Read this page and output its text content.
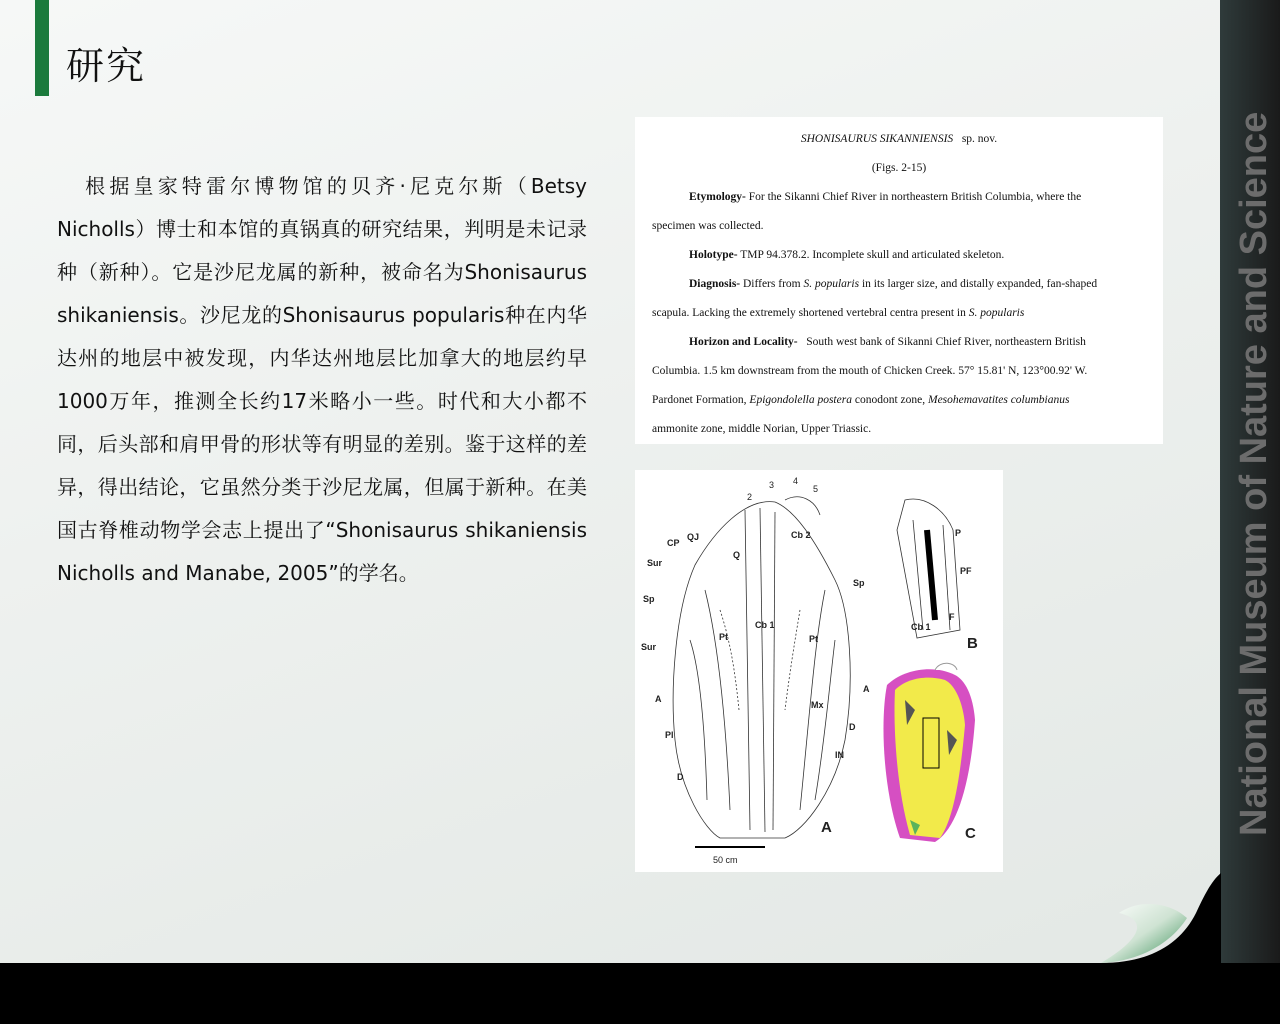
研究
根据皇家特雷尔博物馆的贝齐·尼克尔斯（Betsy Nicholls）博士和本馆的真锅真的研究结果，判明是未记录种（新种）。它是沙尼龙属的新种，被命名为Shonisaurus shikaniensis。沙尼龙的Shonisaurus popularis种在内华达州的地层中被发现，内华达州地层比加拿大的地层约早1000万年，推测全长约17米略小一些。时代和大小都不同，后头部和肩甲骨的形状等有明显的差别。鉴于这样的差异，得出结论，它虽然分类于沙尼龙属，但属于新种。在美国古脊椎动物学会志上提出了“Shonisaurus shikaniensis Nicholls and Manabe, 2005”的学名。
SHONISAURUS SIKANNIENSIS sp. nov.
(Figs. 2-15)
Etymology- For the Sikanni Chief River in northeastern British Columbia, where the
specimen was collected.
Holotype- TMP 94.378.2. Incomplete skull and articulated skeleton.
Diagnosis- Differs from S. popularis in its larger size, and distally expanded, fan-shaped
scapula. Lacking the extremely shortened vertebral centra present in S. popularis
Horizon and Locality- South west bank of Sikanni Chief River, northeastern British
Columbia. 1.5 km downstream from the mouth of Chicken Creek. 57° 15.81' N, 123°00.92' W.
Pardonet Formation, Epigondolella postera conodont zone, Mesohemavatites columbianus
ammonite zone, middle Norian, Upper Triassic.
2
3 4
5
QJ
CP
Q
Cb 2
Sur
Sp
Sp
Sur
Pt	Pt
Cb 1
A
A
Mx
D
D
Pl
IN
P
PF
F
Cb 1
A
B
C
50 cm
National Museum of Nature and Science
